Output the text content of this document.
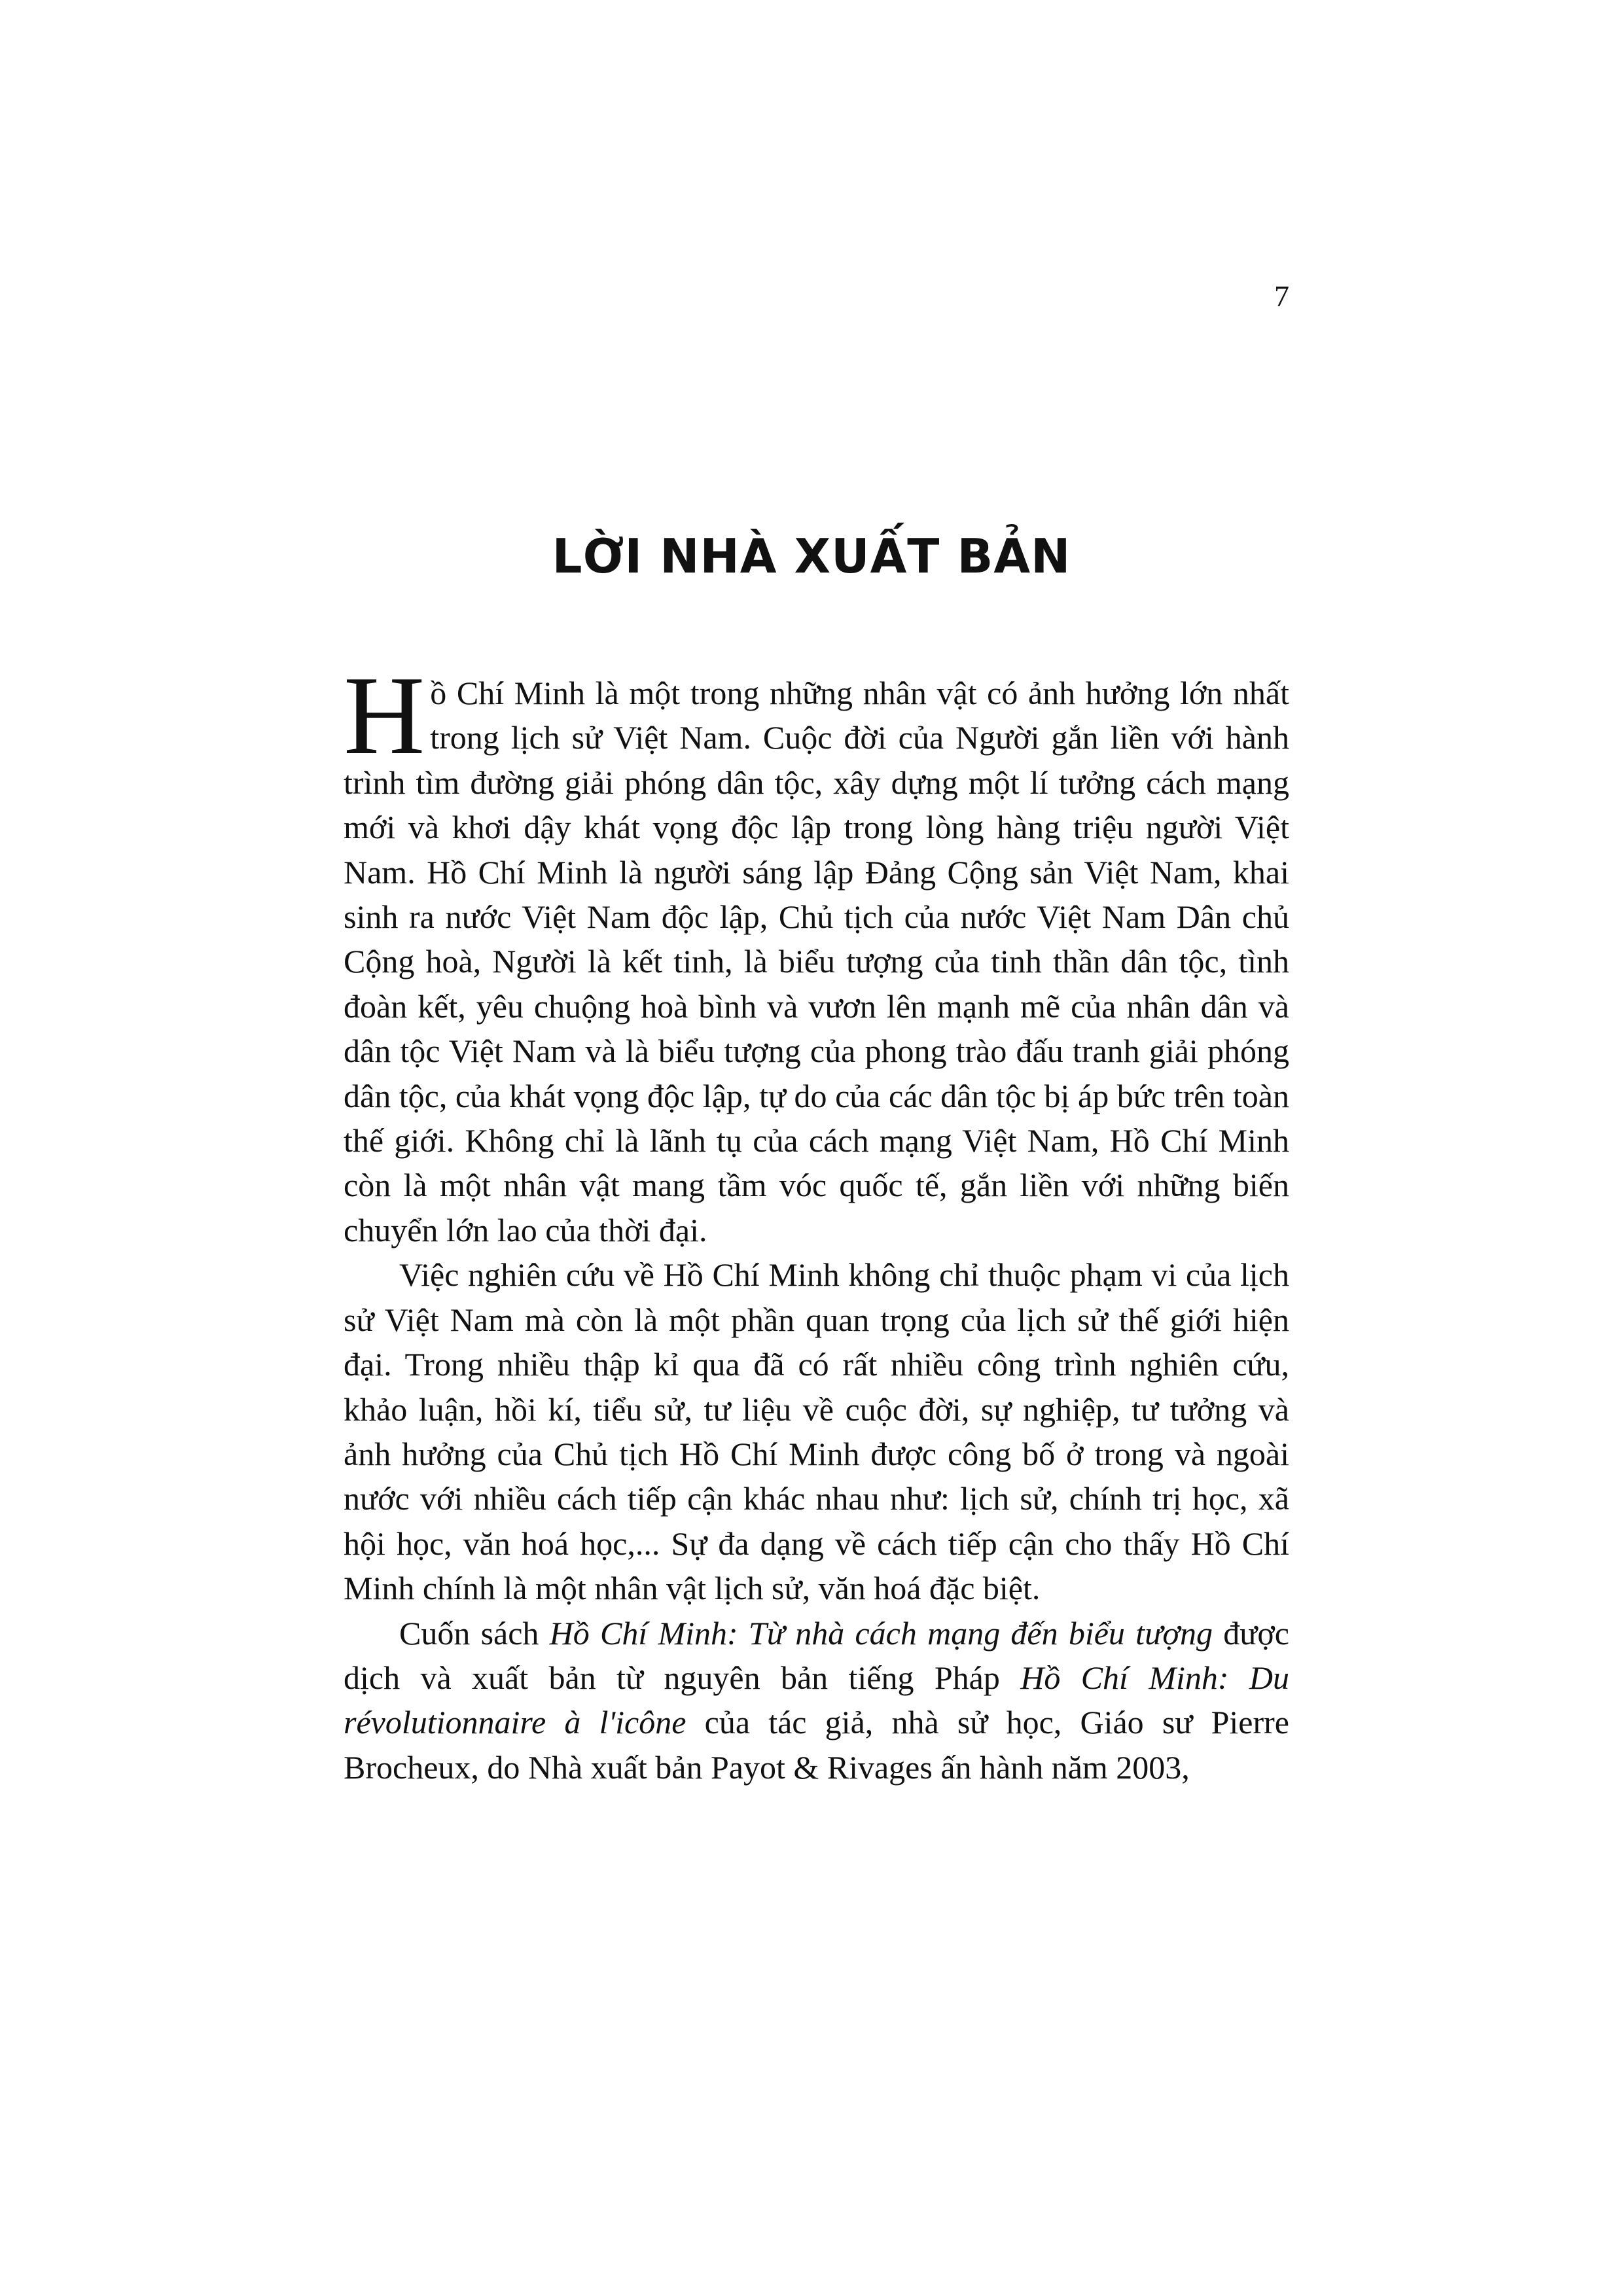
7
LỜI NHÀ XUẤT BẢN

Hồ Chí Minh là một trong những nhân vật có ảnh hưởng lớn nhất trong lịch sử Việt Nam. Cuộc đời của Người gắn liền với hành trình tìm đường giải phóng dân tộc, xây dựng một lí tưởng cách mạng mới và khơi dậy khát vọng độc lập trong lòng hàng triệu người Việt Nam. Hồ Chí Minh là người sáng lập Đảng Cộng sản Việt Nam, khai sinh ra nước Việt Nam độc lập, Chủ tịch của nước Việt Nam Dân chủ Cộng hoà, Người là kết tinh, là biểu tượng của tinh thần dân tộc, tình đoàn kết, yêu chuộng hoà bình và vươn lên mạnh mẽ của nhân dân và dân tộc Việt Nam và là biểu tượng của phong trào đấu tranh giải phóng dân tộc, của khát vọng độc lập, tự do của các dân tộc bị áp bức trên toàn thế giới. Không chỉ là lãnh tụ của cách mạng Việt Nam, Hồ Chí Minh còn là một nhân vật mang tầm vóc quốc tế, gắn liền với những biến chuyển lớn lao của thời đại.

Việc nghiên cứu về Hồ Chí Minh không chỉ thuộc phạm vi của lịch sử Việt Nam mà còn là một phần quan trọng của lịch sử thế giới hiện đại. Trong nhiều thập kỉ qua đã có rất nhiều công trình nghiên cứu, khảo luận, hồi kí, tiểu sử, tư liệu về cuộc đời, sự nghiệp, tư tưởng và ảnh hưởng của Chủ tịch Hồ Chí Minh được công bố ở trong và ngoài nước với nhiều cách tiếp cận khác nhau như: lịch sử, chính trị học, xã hội học, văn hoá học,... Sự đa dạng về cách tiếp cận cho thấy Hồ Chí Minh chính là một nhân vật lịch sử, văn hoá đặc biệt.

Cuốn sách Hồ Chí Minh: Từ nhà cách mạng đến biểu tượng được dịch và xuất bản từ nguyên bản tiếng Pháp Hồ Chí Minh: Du révolutionnaire à l'icône của tác giả, nhà sử học, Giáo sư Pierre Brocheux, do Nhà xuất bản Payot & Rivages ấn hành năm 2003,
